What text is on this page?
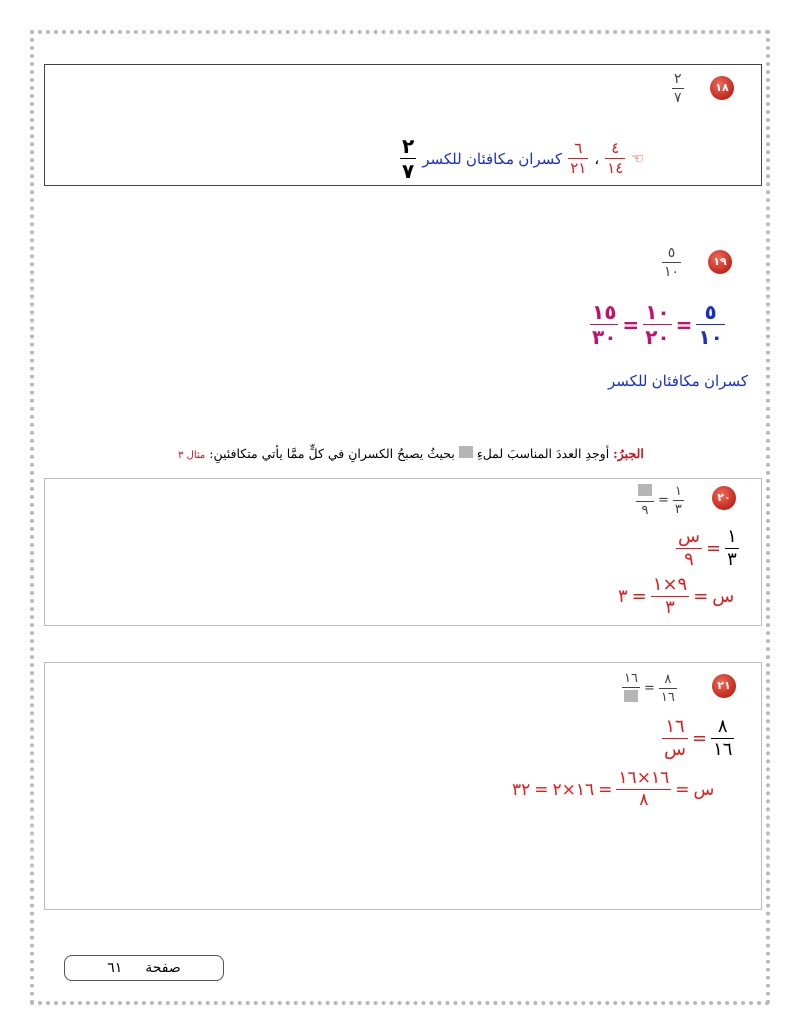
١٨
$\frac{٢}{٧}$
☜
$\frac{٤}{١٤}$
،
$\frac{٦}{٢١}$
كسران مكافئان للكسر
$\frac{٢}{٧}$
١٩
$\frac{٥}{١٠}$
$\frac{١٥}{٣٠} = \frac{١٠}{٢٠} = \frac{٥}{١٠}$
كسران مكافئان للكسر
الجبرُ: أوجدِ العددَ المناسبَ لملءِ  بحيثُ يصبحُ الكسرانِ في كلٍّ ممَّا يأتي متكافئينِ: مثال ٣
٢٠
٩
= $\frac{١}{٣}$
$\frac{\text{س}}{٩} = \frac{١}{٣}$
٣ = $\frac{٩\times ١}{٣}$ = س
٢١
١٦
= $\frac{٨}{١٦}$
$\frac{١٦}{\text{س}} = \frac{٨}{١٦}$
٣٢ = ١٦×٢ = $\frac{١٦\times ١٦}{٨}$ = س
صفحة  ٦١
